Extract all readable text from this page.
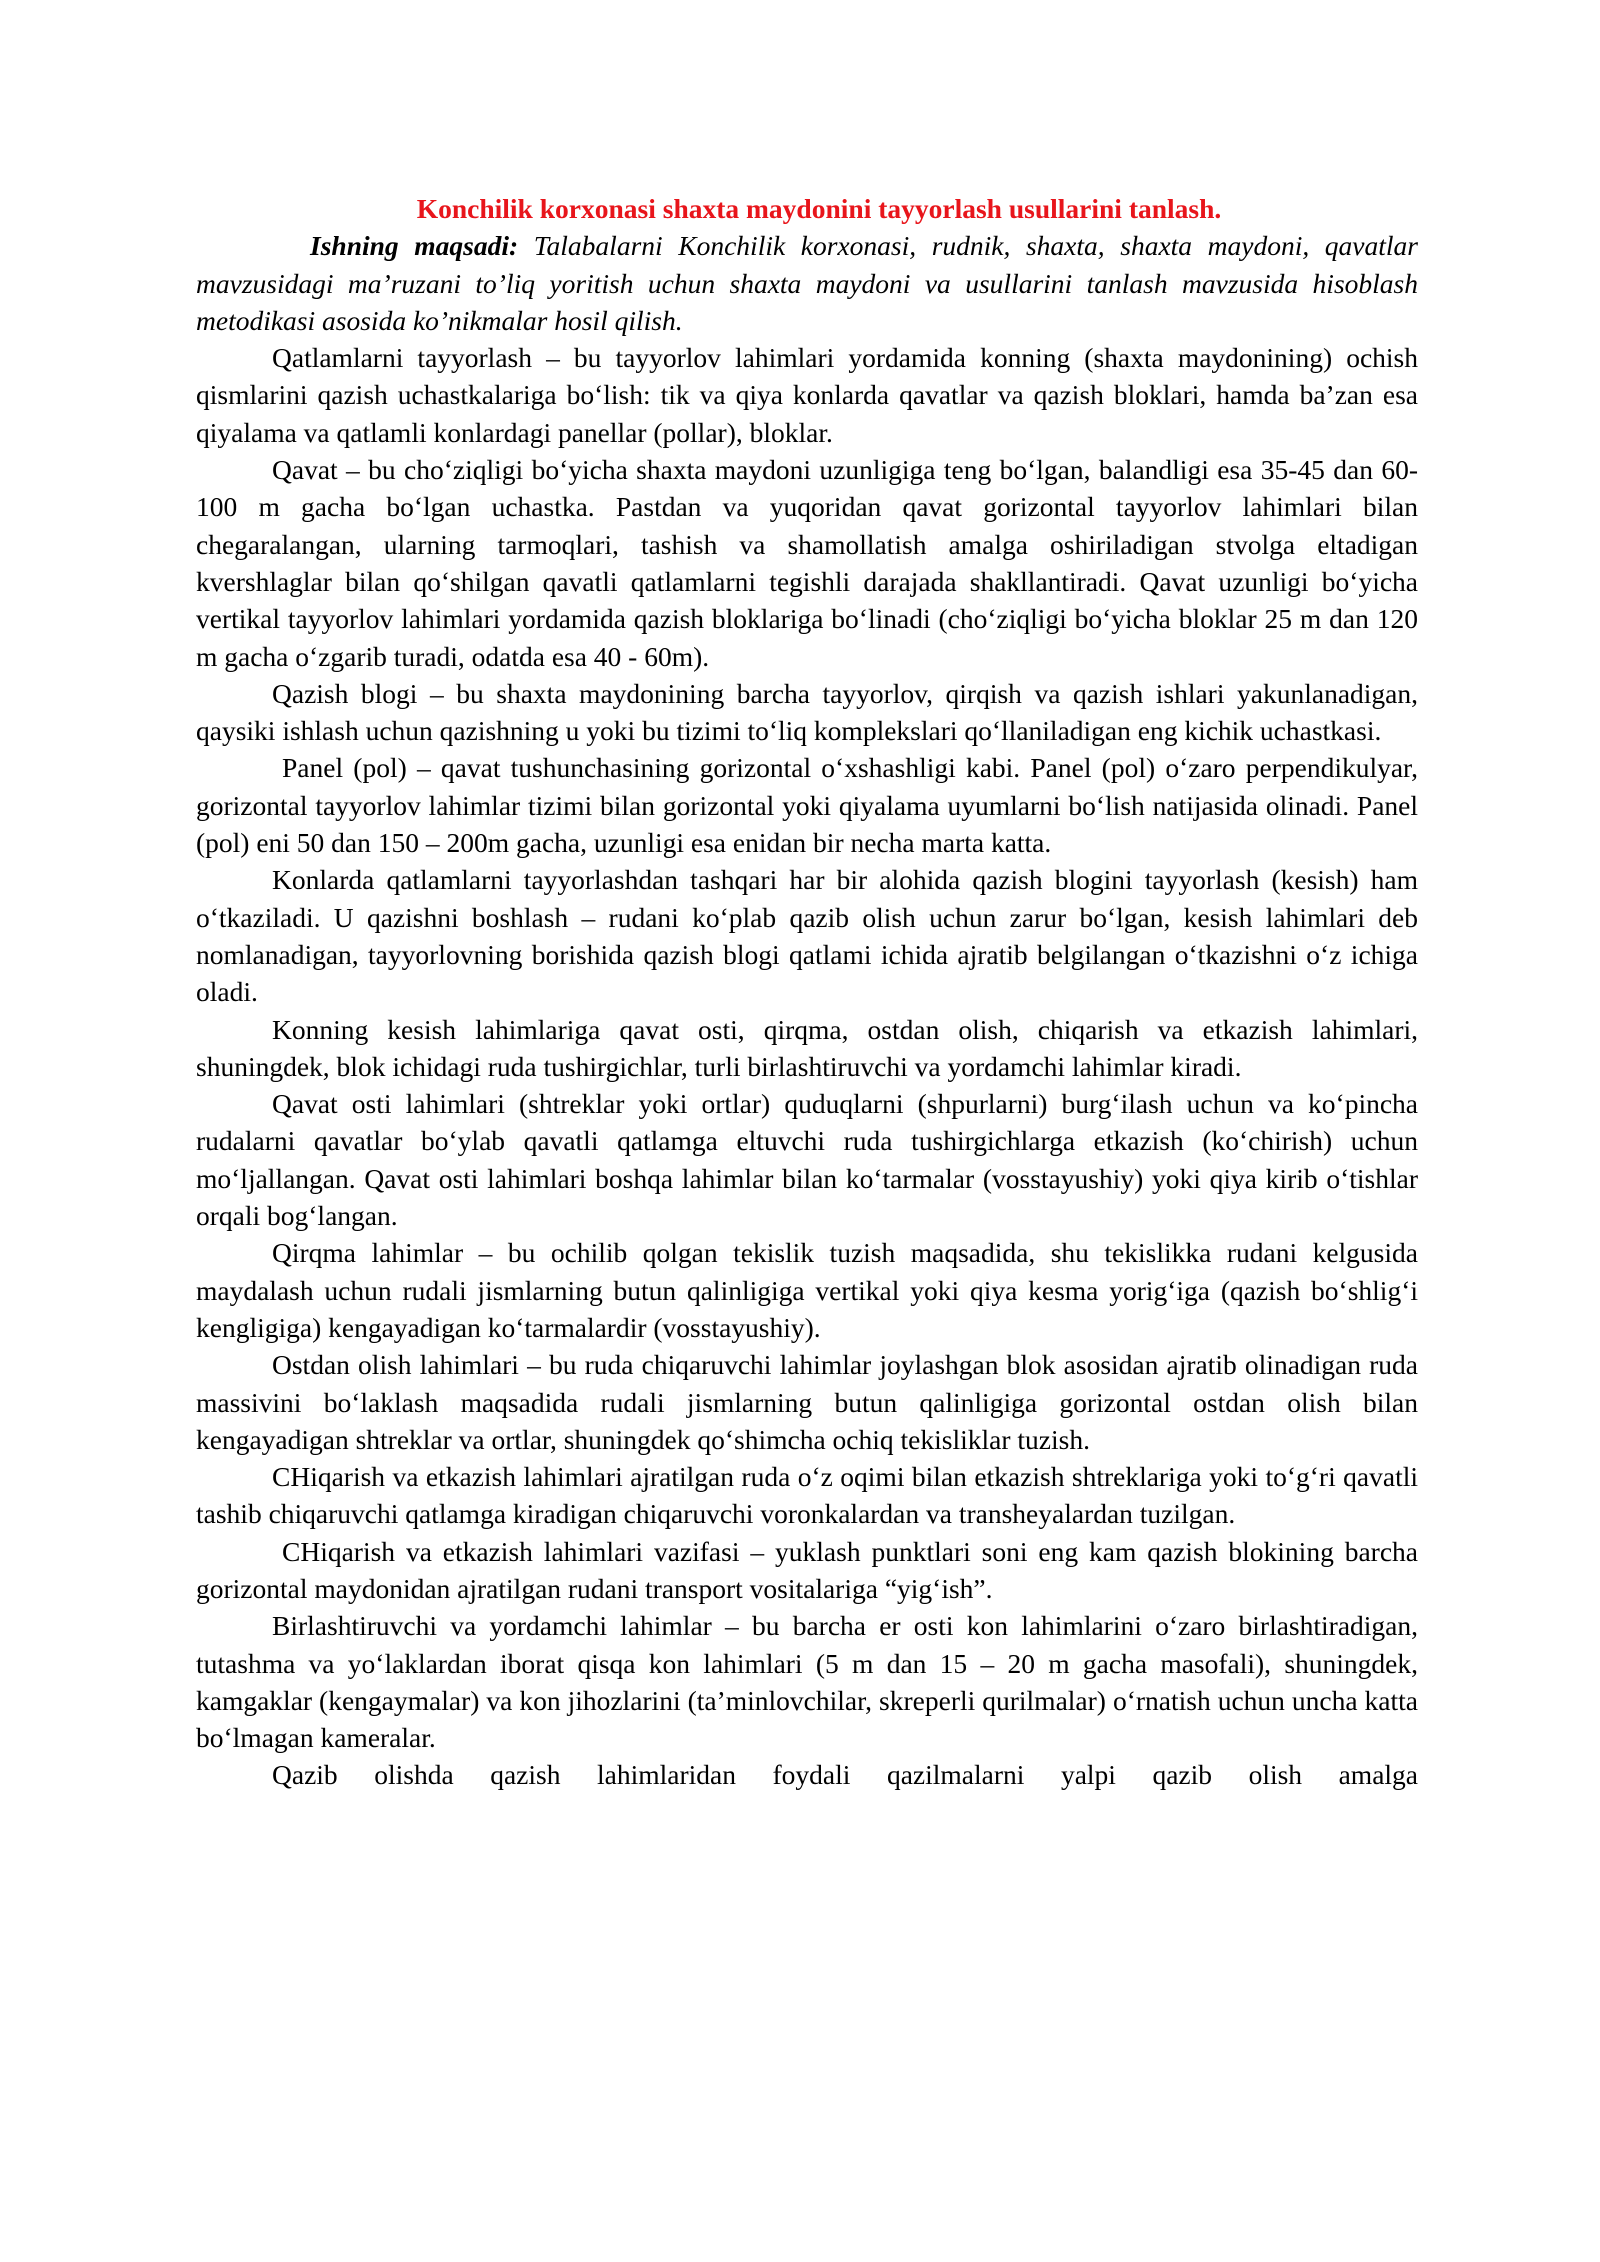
Konchilik korxonasi shaxta maydonini tayyorlash usullarini tanlash.

Ishning maqsadi: Talabalarni Konchilik korxonasi, rudnik, shaxta, shaxta maydoni, qavatlar mavzusidagi ma’ruzani to’liq yoritish uchun shaxta maydoni va usullarini tanlash mavzusida hisoblash metodikasi asosida ko’nikmalar hosil qilish.

Qatlamlarni tayyorlash – bu tayyorlov lahimlari yordamida konning (shaxta maydonining) ochish qismlarini qazish uchastkalariga bo‘lish: tik va qiya konlarda qavatlar va qazish bloklari, hamda ba’zan esa qiyalama va qatlamli konlardagi panellar (pollar), bloklar.

Qavat – bu cho‘ziqligi bo‘yicha shaxta maydoni uzunligiga teng bo‘lgan, balandligi esa 35-45 dan 60-100 m gacha bo‘lgan uchastka. Pastdan va yuqoridan qavat gorizontal tayyorlov lahimlari bilan chegaralangan, ularning tarmoqlari, tashish va shamollatish amalga oshiriladigan stvolga eltadigan kvershlaglar bilan qo‘shilgan qavatli qatlamlarni tegishli darajada shakllantiradi. Qavat uzunligi bo‘yicha vertikal tayyorlov lahimlari yordamida qazish bloklariga bo‘linadi (cho‘ziqligi bo‘yicha bloklar 25 m dan 120 m gacha o‘zgarib turadi, odatda esa 40 - 60m).

Qazish blogi – bu shaxta maydonining barcha tayyorlov, qirqish va qazish ishlari yakunlanadigan, qaysiki ishlash uchun qazishning u yoki bu tizimi to‘liq komplekslari qo‘llaniladigan eng kichik uchastkasi.

Panel (pol) – qavat tushunchasining gorizontal o‘xshashligi kabi. Panel (pol) o‘zaro perpendikulyar, gorizontal tayyorlov lahimlar tizimi bilan gorizontal yoki qiyalama uyumlarni bo‘lish natijasida olinadi. Panel (pol) eni 50 dan 150 – 200m gacha, uzunligi esa enidan bir necha marta katta.

Konlarda qatlamlarni tayyorlashdan tashqari har bir alohida qazish blogini tayyorlash (kesish) ham o‘tkaziladi. U qazishni boshlash – rudani ko‘plab qazib olish uchun zarur bo‘lgan, kesish lahimlari deb nomlanadigan, tayyorlovning borishida qazish blogi qatlami ichida ajratib belgilangan o‘tkazishni o‘z ichiga oladi.

Konning kesish lahimlariga qavat osti, qirqma, ostdan olish, chiqarish va etkazish lahimlari, shuningdek, blok ichidagi ruda tushirgichlar, turli birlashtiruvchi va yordamchi lahimlar kiradi.

Qavat osti lahimlari (shtreklar yoki ortlar) quduqlarni (shpurlarni) burg‘ilash uchun va ko‘pincha rudalarni qavatlar bo‘ylab qavatli qatlamga eltuvchi ruda tushirgichlarga etkazish (ko‘chirish) uchun mo‘ljallangan. Qavat osti lahimlari boshqa lahimlar bilan ko‘tarmalar (vosstayushiy) yoki qiya kirib o‘tishlar orqali bog‘langan.

Qirqma lahimlar – bu ochilib qolgan tekislik tuzish maqsadida, shu tekislikka rudani kelgusida maydalash uchun rudali jismlarning butun qalinligiga vertikal yoki qiya kesma yorig‘iga (qazish bo‘shlig‘i kengligiga) kengayadigan ko‘tarmalardir (vosstayushiy).

Ostdan olish lahimlari – bu ruda chiqaruvchi lahimlar joylashgan blok asosidan ajratib olinadigan ruda massivini bo‘laklash maqsadida rudali jismlarning butun qalinligiga gorizontal ostdan olish bilan kengayadigan shtreklar va ortlar, shuningdek qo‘shimcha ochiq tekisliklar tuzish.

CHiqarish va etkazish lahimlari ajratilgan ruda o‘z oqimi bilan etkazish shtreklariga yoki to‘g‘ri qavatli tashib chiqaruvchi qatlamga kiradigan chiqaruvchi voronkalardan va transheyalardan tuzilgan.

CHiqarish va etkazish lahimlari vazifasi – yuklash punktlari soni eng kam qazish blokining barcha gorizontal maydonidan ajratilgan rudani transport vositalariga “yig‘ish”.

Birlashtiruvchi va yordamchi lahimlar – bu barcha er osti kon lahimlarini o‘zaro birlashtiradigan, tutashma va yo‘laklardan iborat qisqa kon lahimlari (5 m dan 15 – 20 m gacha masofali), shuningdek, kamgaklar (kengaymalar) va kon jihozlarini (ta’minlovchilar, skreperli qurilmalar) o‘rnatish uchun uncha katta bo‘lmagan kameralar.

Qazib olishda qazish lahimlaridan foydali qazilmalarni yalpi qazib olish amalga
